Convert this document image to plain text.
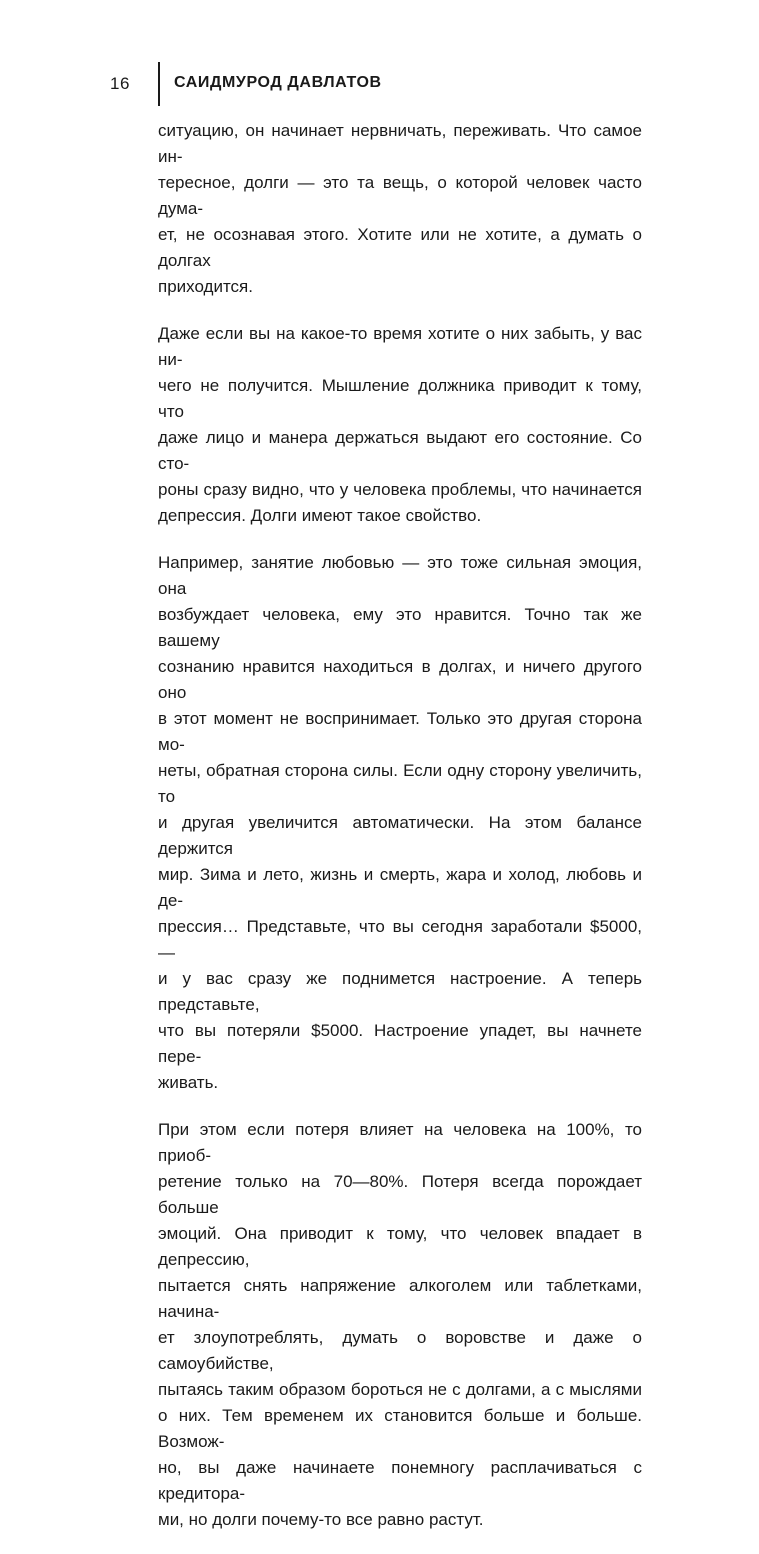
16	САИДМУРОД ДАВЛАТОВ

ситуацию, он начинает нервничать, переживать. Что самое ин-
тересное, долги — это та вещь, о которой человек часто дума-
ет, не осознавая этого. Хотите или не хотите, а думать о долгах
приходится.

Даже если вы на какое-то время хотите о них забыть, у вас ни-
чего не получится. Мышление должника приводит к тому, что
даже лицо и манера держаться выдают его состояние. Со сто-
роны сразу видно, что у человека проблемы, что начинается
депрессия. Долги имеют такое свойство.

Например, занятие любовью — это тоже сильная эмоция, она
возбуждает человека, ему это нравится. Точно так же вашему
сознанию нравится находиться в долгах, и ничего другого оно
в этот момент не воспринимает. Только это другая сторона мо-
неты, обратная сторона силы. Если одну сторону увеличить, то
и другая увеличится автоматически. На этом балансе держится
мир. Зима и лето, жизнь и смерть, жара и холод, любовь и де-
прессия… Представьте, что вы сегодня заработали $5000, —
и у вас сразу же поднимется настроение. А теперь представьте,
что вы потеряли $5000. Настроение упадет, вы начнете пере-
живать.

При этом если потеря влияет на человека на 100%, то приоб-
ретение только на 70—80%. Потеря всегда порождает больше
эмоций. Она приводит к тому, что человек впадает в депрессию,
пытается снять напряжение алкоголем или таблетками, начина-
ет злоупотреблять, думать о воровстве и даже о самоубийстве,
пытаясь таким образом бороться не с долгами, а с мыслями
о них. Тем временем их становится больше и больше. Возмож-
но, вы даже начинаете понемногу расплачиваться с кредитора-
ми, но долги почему-то все равно растут.
